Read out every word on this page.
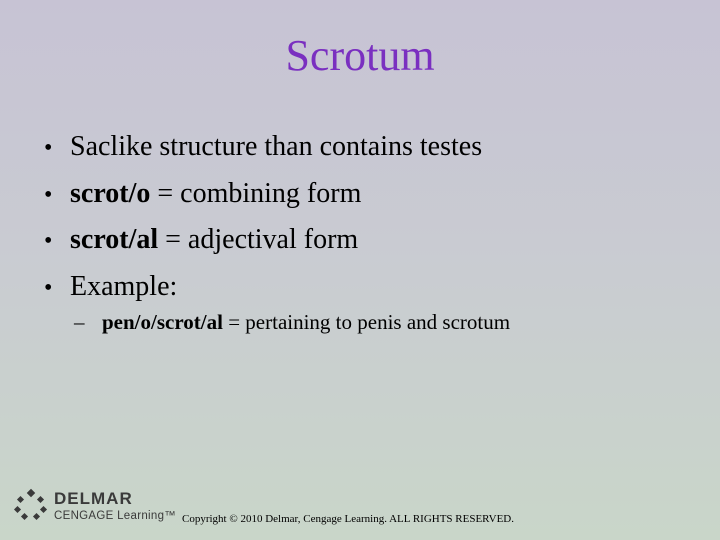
Scrotum
• Saclike structure than contains testes
• scrot/o = combining form
• scrot/al = adjectival form
• Example:
– pen/o/scrot/al = pertaining to penis and scrotum
DELMAR
CENGAGE Learning™ Copyright © 2010 Delmar, Cengage Learning. ALL RIGHTS RESERVED.
